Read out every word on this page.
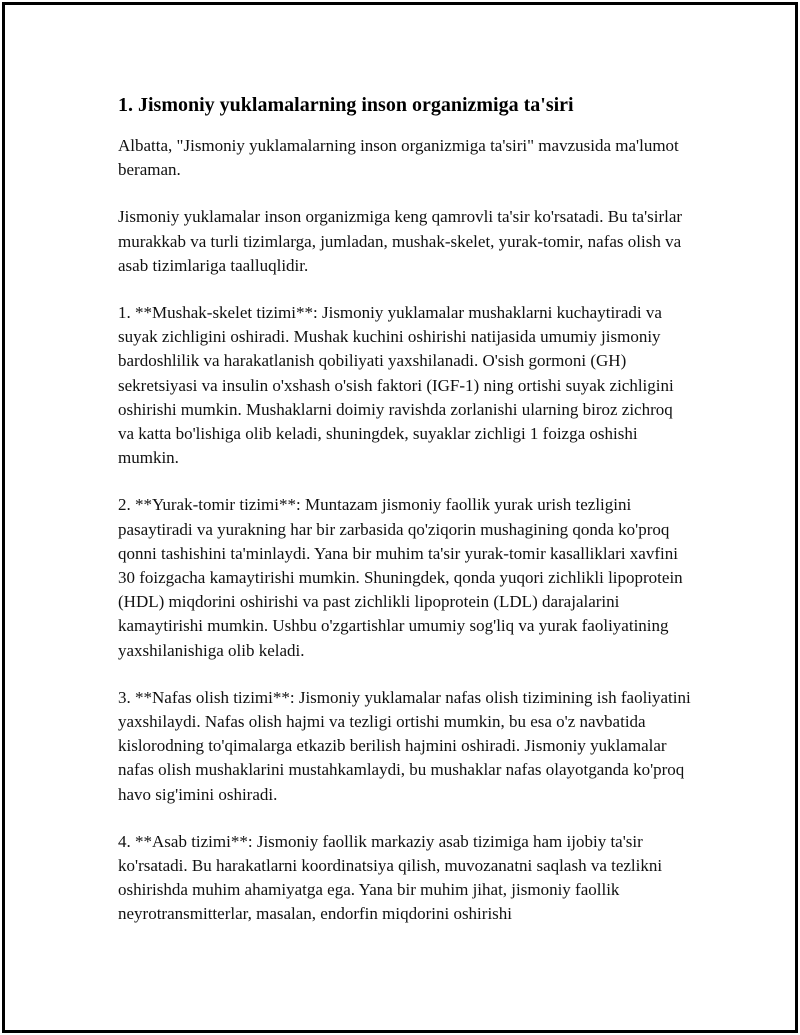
1. Jismoniy yuklamalarning inson organizmiga ta'siri

Albatta, "Jismoniy yuklamalarning inson organizmiga ta'siri" mavzusida ma'lumot beraman.

Jismoniy yuklamalar inson organizmiga keng qamrovli ta'sir ko'rsatadi. Bu ta'sirlar murakkab va turli tizimlarga, jumladan, mushak-skelet, yurak-tomir, nafas olish va asab tizimlariga taalluqlidir.

1. **Mushak-skelet tizimi**: Jismoniy yuklamalar mushaklarni kuchaytiradi va suyak zichligini oshiradi. Mushak kuchini oshirishi natijasida umumiy jismoniy bardoshlilik va harakatlanish qobiliyati yaxshilanadi. O'sish gormoni (GH) sekretsiyasi va insulin o'xshash o'sish faktori (IGF-1) ning ortishi suyak zichligini oshirishi mumkin. Mushaklarni doimiy ravishda zorlanishi ularning biroz zichroq va katta bo'lishiga olib keladi, shuningdek, suyaklar zichligi 1 foizga oshishi mumkin.

2. **Yurak-tomir tizimi**: Muntazam jismoniy faollik yurak urish tezligini pasaytiradi va yurakning har bir zarbasida qo'ziqorin mushagining qonda ko'proq qonni tashishini ta'minlaydi. Yana bir muhim ta'sir yurak-tomir kasalliklari xavfini 30 foizgacha kamaytirishi mumkin. Shuningdek, qonda yuqori zichlikli lipoprotein (HDL) miqdorini oshirishi va past zichlikli lipoprotein (LDL) darajalarini kamaytirishi mumkin. Ushbu o'zgartishlar umumiy sog'liq va yurak faoliyatining yaxshilanishiga olib keladi.

3. **Nafas olish tizimi**: Jismoniy yuklamalar nafas olish tizimining ish faoliyatini yaxshilaydi. Nafas olish hajmi va tezligi ortishi mumkin, bu esa o'z navbatida kislorodning to'qimalarga etkazib berilish hajmini oshiradi. Jismoniy yuklamalar nafas olish mushaklarini mustahkamlaydi, bu mushaklar nafas olayotganda ko'proq havo sig'imini oshiradi.

4. **Asab tizimi**: Jismoniy faollik markaziy asab tizimiga ham ijobiy ta'sir ko'rsatadi. Bu harakatlarni koordinatsiya qilish, muvozanatni saqlash va tezlikni oshirishda muhim ahamiyatga ega. Yana bir muhim jihat, jismoniy faollik neyrotransmitterlar, masalan, endorfin miqdorini oshirishi
